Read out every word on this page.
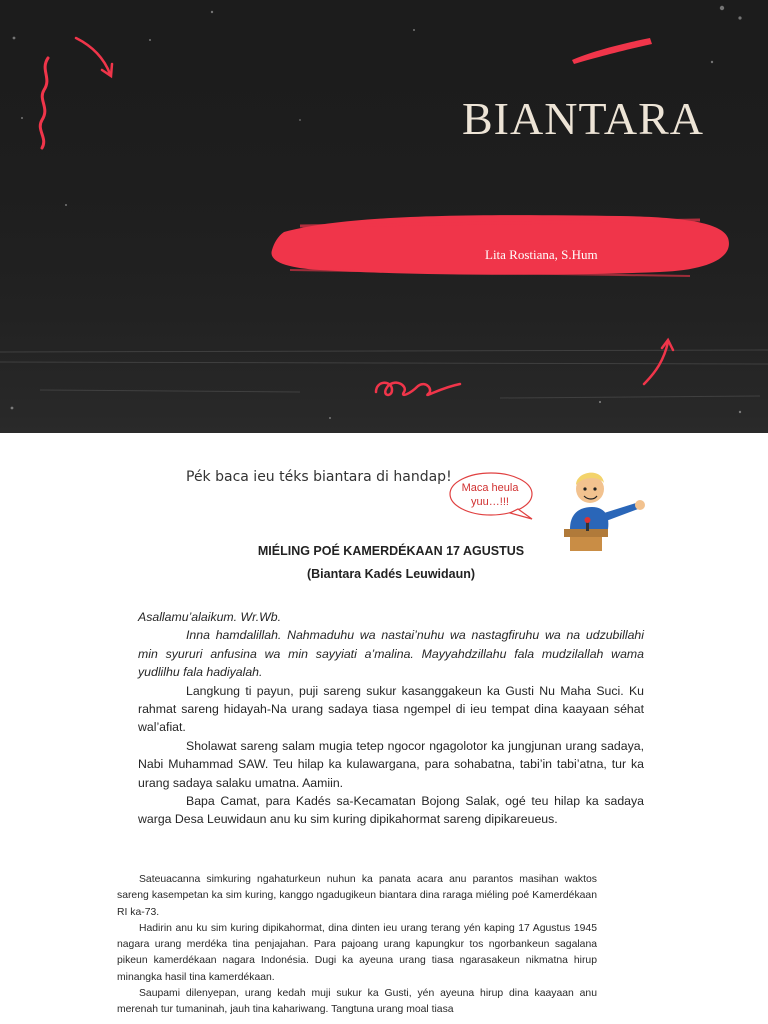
BIANTARA
Lita Rostiana, S.Hum
Pék baca ieu téks biantara di handap!
Maca heula
yuu…!!!
MIÉLING POÉ KAMERDÉKAAN 17 AGUSTUS
(Biantara Kadés Leuwidaun)

Asallamu’alaikum. Wr.Wb.

Inna hamdalillah. Nahmaduhu wa nastai’nuhu wa nastagfiruhu wa na udzubillahi min syururi anfusina wa min sayyiati a’malina. Mayyahdzillahu fala mudzilallah wama yudlilhu fala hadiyalah.

Langkung ti payun, puji sareng sukur kasanggakeun ka Gusti Nu Maha Suci. Ku rahmat sareng hidayah-Na urang sadaya tiasa ngempel di ieu tempat dina kaayaan séhat wal’afiat.

Sholawat sareng salam mugia tetep ngocor ngagolotor ka jungjunan urang sadaya, Nabi Muhammad SAW. Teu hilap ka kulawargana, para sohabatna, tabi’in tabi’atna, tur ka urang sadaya salaku umatna. Aamiin.

Bapa Camat, para Kadés sa-Kecamatan Bojong Salak, ogé teu hilap ka sadaya warga Desa Leuwidaun anu ku sim kuring dipikahormat sareng dipikareueus.

Sateuacanna simkuring ngahaturkeun nuhun ka panata acara anu parantos masihan waktos sareng kasempetan ka sim kuring, kanggo ngadugikeun biantara dina raraga miéling poé Kamerdékaan RI ka-73.

Hadirin anu ku sim kuring dipikahormat, dina dinten ieu urang terang yén kaping 17 Agustus 1945 nagara urang merdéka tina penjajahan. Para pajoang urang kapungkur tos ngorbankeun sagalana pikeun kamerdékaan nagara Indonésia. Dugi ka ayeuna urang tiasa ngarasakeun nikmatna hirup minangka hasil tina kamerdékaan.

Saupami dilenyepan, urang kedah muji sukur ka Gusti, yén ayeuna hirup dina kaayaan anu merenah tur tumaninah, jauh tina kahariwang. Tangtuna urang moal tiasa
